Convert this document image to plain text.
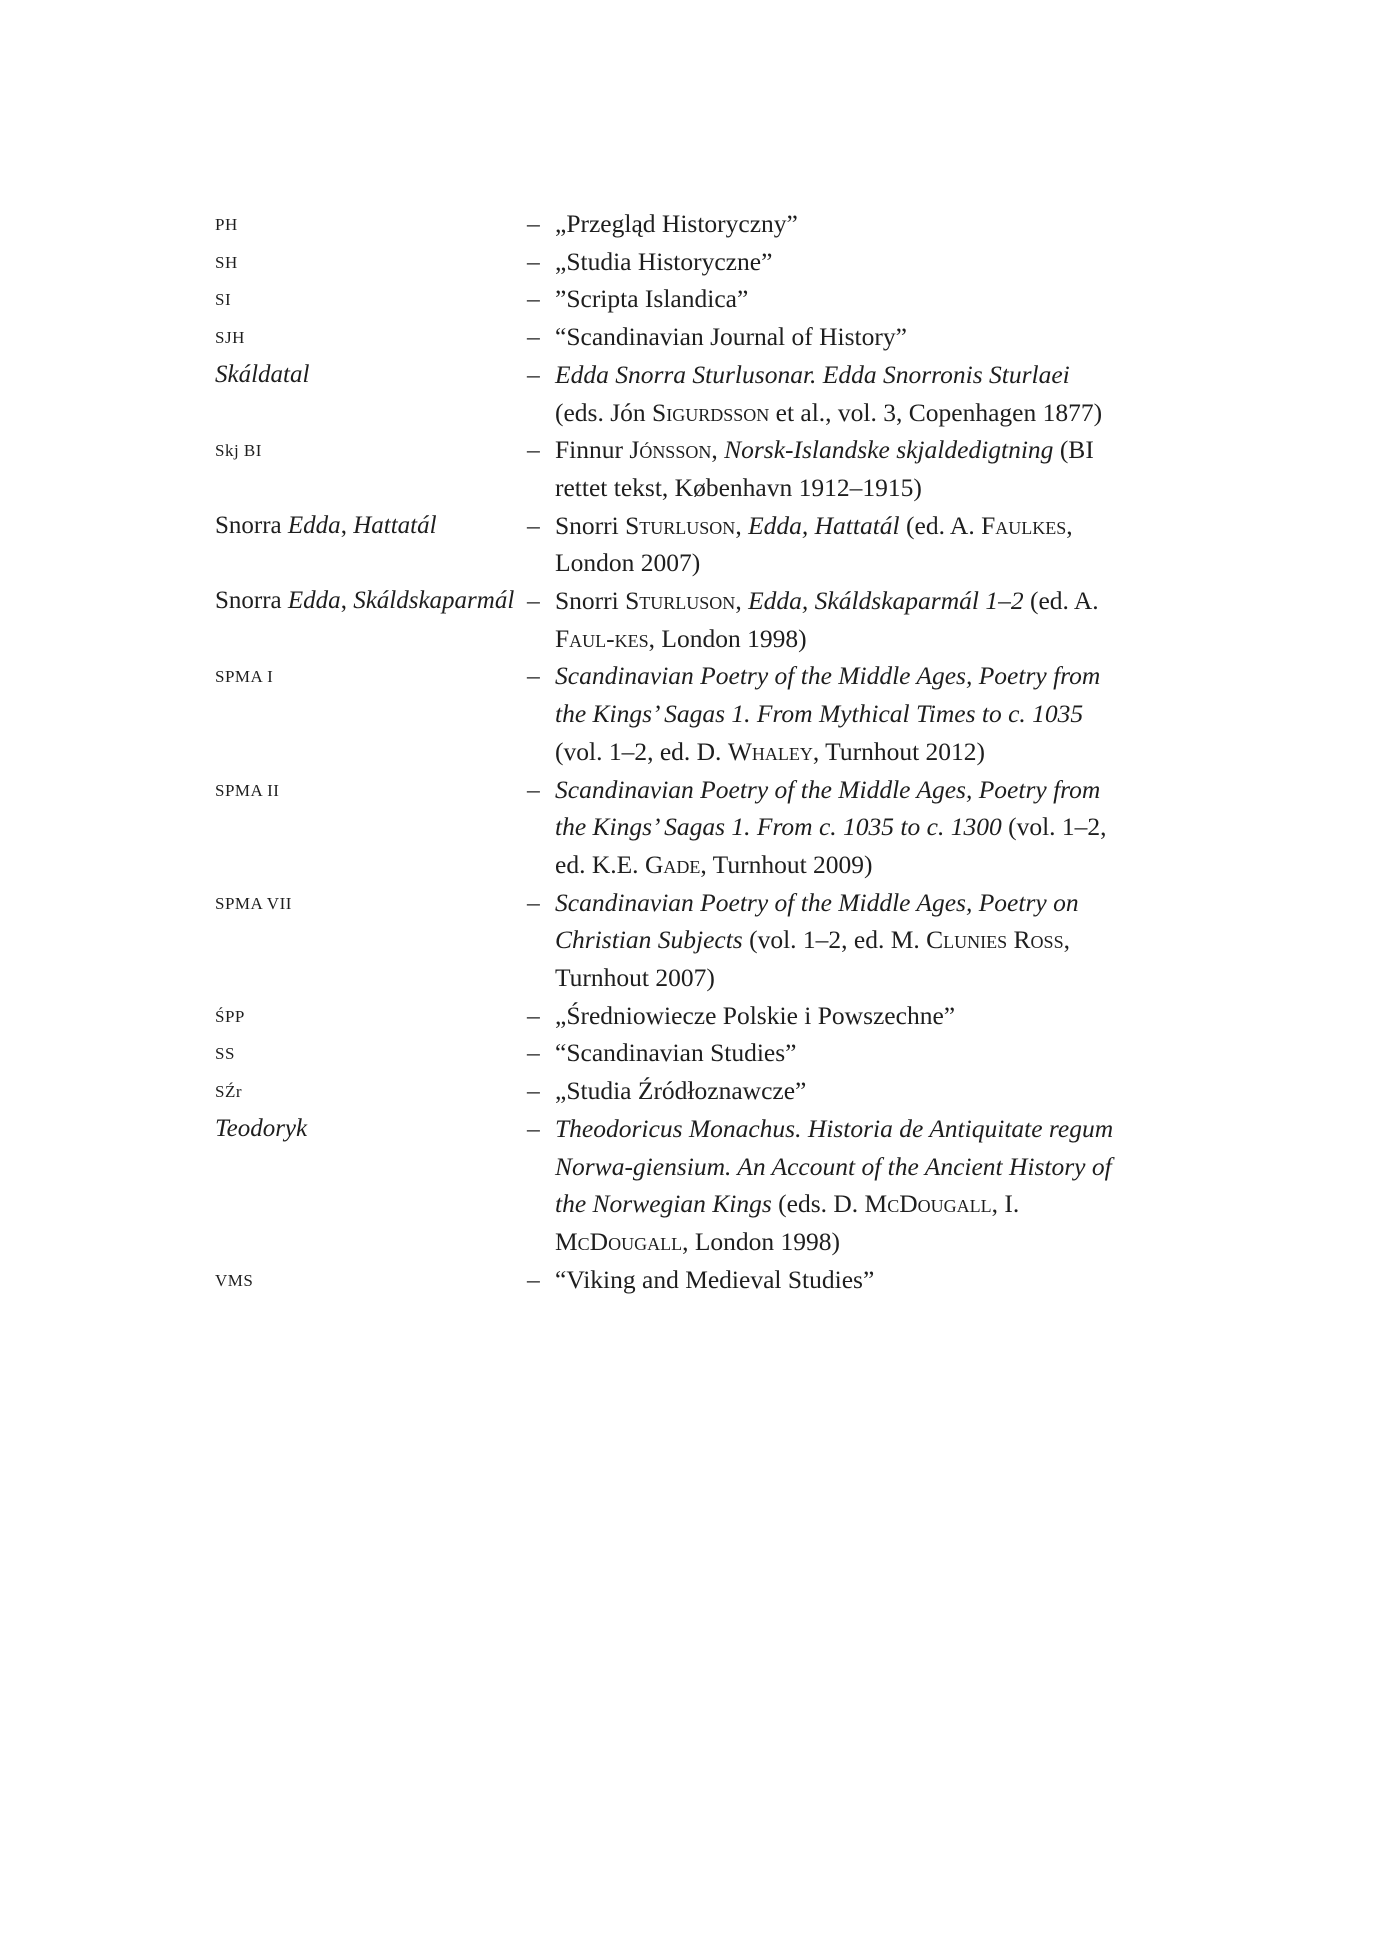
PH	– „Przegląd Historyczny”
SH	– „Studia Historyczne”
SI	– ”Scripta Islandica”
SJH	– “Scandinavian Journal of History”
Skáldatal	– Edda Snorra Sturlusonar. Edda Snorronis Sturlaei (eds. Jón Sigurdsson et al., vol. 3, Copenhagen 1877)
Skj BI	– Finnur Jónsson, Norsk-Islandske skjaldedigtning (BI rettet tekst, København 1912–1915)
Snorra Edda, Hattatál	– Snorri Sturluson, Edda, Hattatál (ed. A. Faulkes, London 2007)
Snorra Edda, Skáldskaparmál – Snorri Sturluson, Edda, Skáldskaparmál 1–2 (ed. A. Faul-kes, London 1998)
SPMA I	– Scandinavian Poetry of the Middle Ages, Poetry from the Kings’ Sagas 1. From Mythical Times to c. 1035 (vol. 1–2, ed. D. Whaley, Turnhout 2012)
SPMA II	– Scandinavian Poetry of the Middle Ages, Poetry from the Kings’ Sagas 1. From c. 1035 to c. 1300 (vol. 1–2, ed. K.E. Gade, Turnhout 2009)
SPMA VII	– Scandinavian Poetry of the Middle Ages, Poetry on Christian Subjects (vol. 1–2, ed. M. Clunies Ross, Turnhout 2007)
ŚPP	– „Średniowiecze Polskie i Powszechne”
SS	– “Scandinavian Studies”
SŹr	– „Studia Źródłoznawcze”
Teodoryk	– Theodoricus Monachus. Historia de Antiquitate regum Norwa-giensium. An Account of the Ancient History of the Norwegian Kings (eds. D. McDougall, I. McDougall, London 1998)
VMS	– “Viking and Medieval Studies”
